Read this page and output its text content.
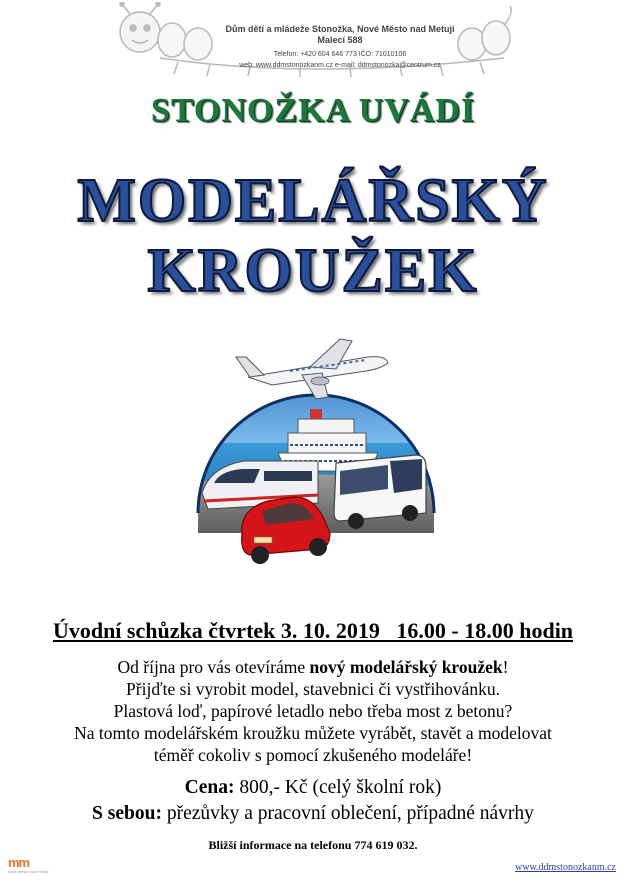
Dům dětí a mládeže Stonožka, Nové Město nad Metují
Malecí 588
Telefon: +420 604 646 773 IČO: 71010106
web: www.ddmstonozkanm.cz e-mail: ddmstonozka@centrum.cz
STONOŽKA UVÁDÍ
MODELÁŘSKÝ
KROUŽEK
Úvodní schůzka čtvrtek 3. 10. 2019   16.00 - 18.00 hodin
Od října pro vás otevíráme nový modelářský kroužek!
Přijďte si vyrobit model, stavebnici či vystřihovánku.
Plastová loď, papírové letadlo nebo třeba most z betonu?
Na tomto modelářském kroužku můžete vyrábět, stavět a modelovat
téměř cokoliv s pomocí zkušeného modeláře!
Cena: 800,- Kč (celý školní rok)
S sebou: přezůvky a pracovní oblečení, případné návrhy
Bližší informace na telefonu 774 619 032.
mm
nové město nad metují	www.ddmstonozkanm.cz
